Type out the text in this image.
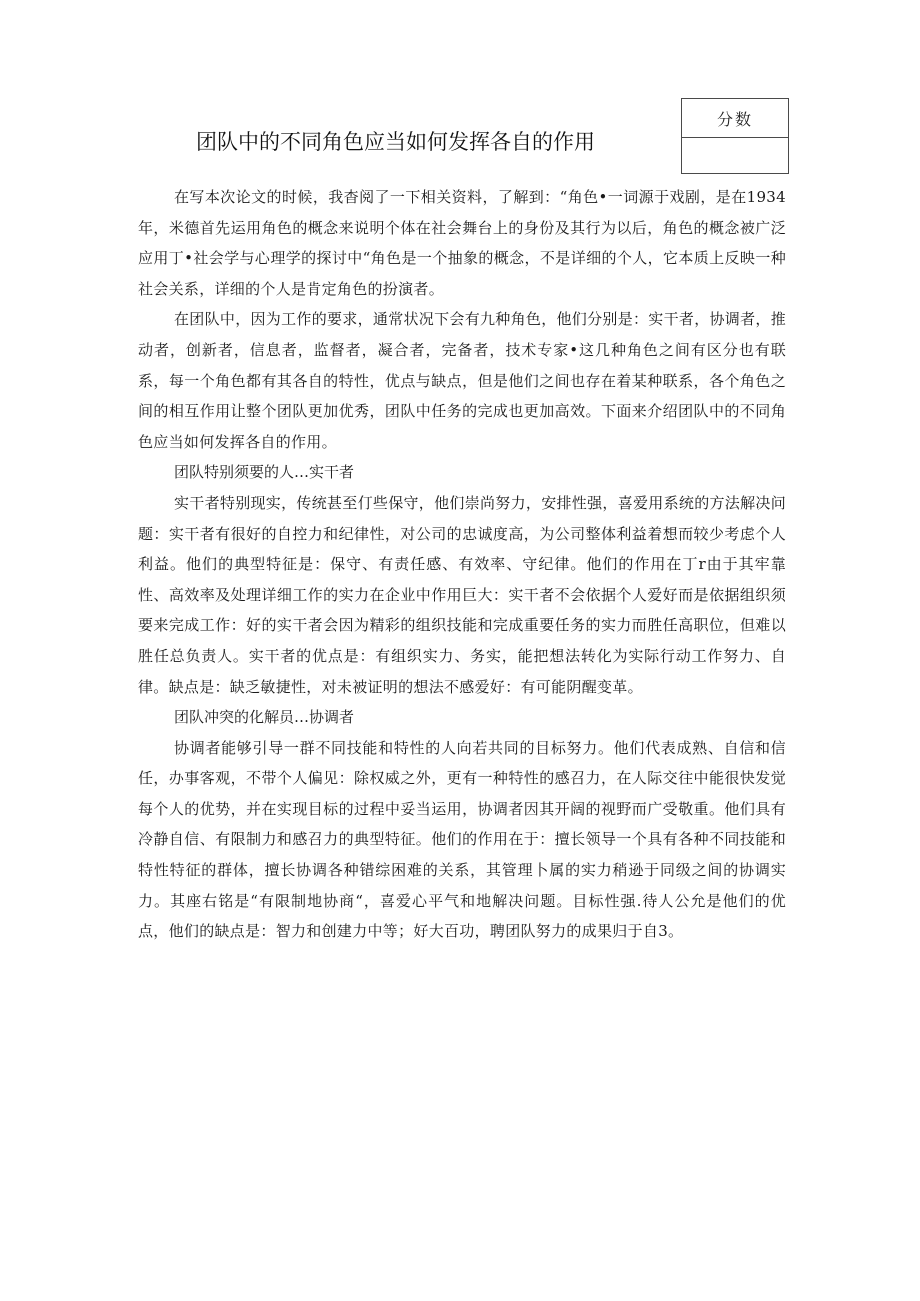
分数
团队中的不同角色应当如何发挥各自的作用

在写本次论文的时候，我杳阅了一下相关资料，了解到：“角色•一词源于戏剧，是在1934年，米德首先运用角色的概念来说明个体在社会舞台上的身份及其行为以后，角色的概念被广泛应用丁•社会学与心理学的探讨中“角色是一个抽象的概念，不是详细的个人，它本质上反映一种社会关系，详细的个人是肯定角色的扮演者。

在团队中，因为工作的要求，通常状况下会有九种角色，他们分别是：实干者，协调者，推动者，创新者，信息者，监督者，凝合者，完备者，技术专家•这几种角色之间有区分也有联系，每一个角色都有其各自的特性，优点与缺点，但是他们之间也存在着某种联系，各个角色之间的相互作用让整个团队更加优秀，团队中任务的完成也更加高效。下面来介绍团队中的不同角色应当如何发挥各自的作用。

团队特别须要的人…实干者

实干者特别现实，传统甚至仃些保守，他们崇尚努力，安排性强，喜爱用系统的方法解决问题：实干者有很好的自控力和纪律性，对公司的忠诚度高，为公司整体利益着想而较少考虑个人利益。他们的典型特征是：保守、有责任感、有效率、守纪律。他们的作用在丁r由于其牢靠性、高效率及处理详细工作的实力在企业中作用巨大：实干者不会依据个人爱好而是依据组织须要来完成工作：好的实干者会因为精彩的组织技能和完成重要任务的实力而胜任高职位，但难以胜任总负责人。实干者的优点是：有组织实力、务实，能把想法转化为实际行动工作努力、自律。缺点是：缺乏敏捷性，对未被证明的想法不感爱好：有可能阴醒变革。

团队冲突的化解员…协调者

协调者能够引导一群不同技能和特性的人向若共同的目标努力。他们代表成熟、自信和信任，办事客观，不带个人偏见：除权威之外，更有一种特性的感召力，在人际交往中能很快发觉每个人的优势，并在实现目标的过程中妥当运用，协调者因其开阔的视野而广受敬重。他们具有冷静自信、有限制力和感召力的典型特征。他们的作用在于：擅长领导一个具有各种不同技能和特性特征的群体，擅长协调各种错综困难的关系，其管理卜属的实力稍逊于同级之间的协调实力。其座右铭是“有限制地协商“，喜爱心平气和地解决问题。目标性强.待人公允是他们的优点，他们的缺点是：智力和创建力中等；好大百功，聘团队努力的成果归于自3。
